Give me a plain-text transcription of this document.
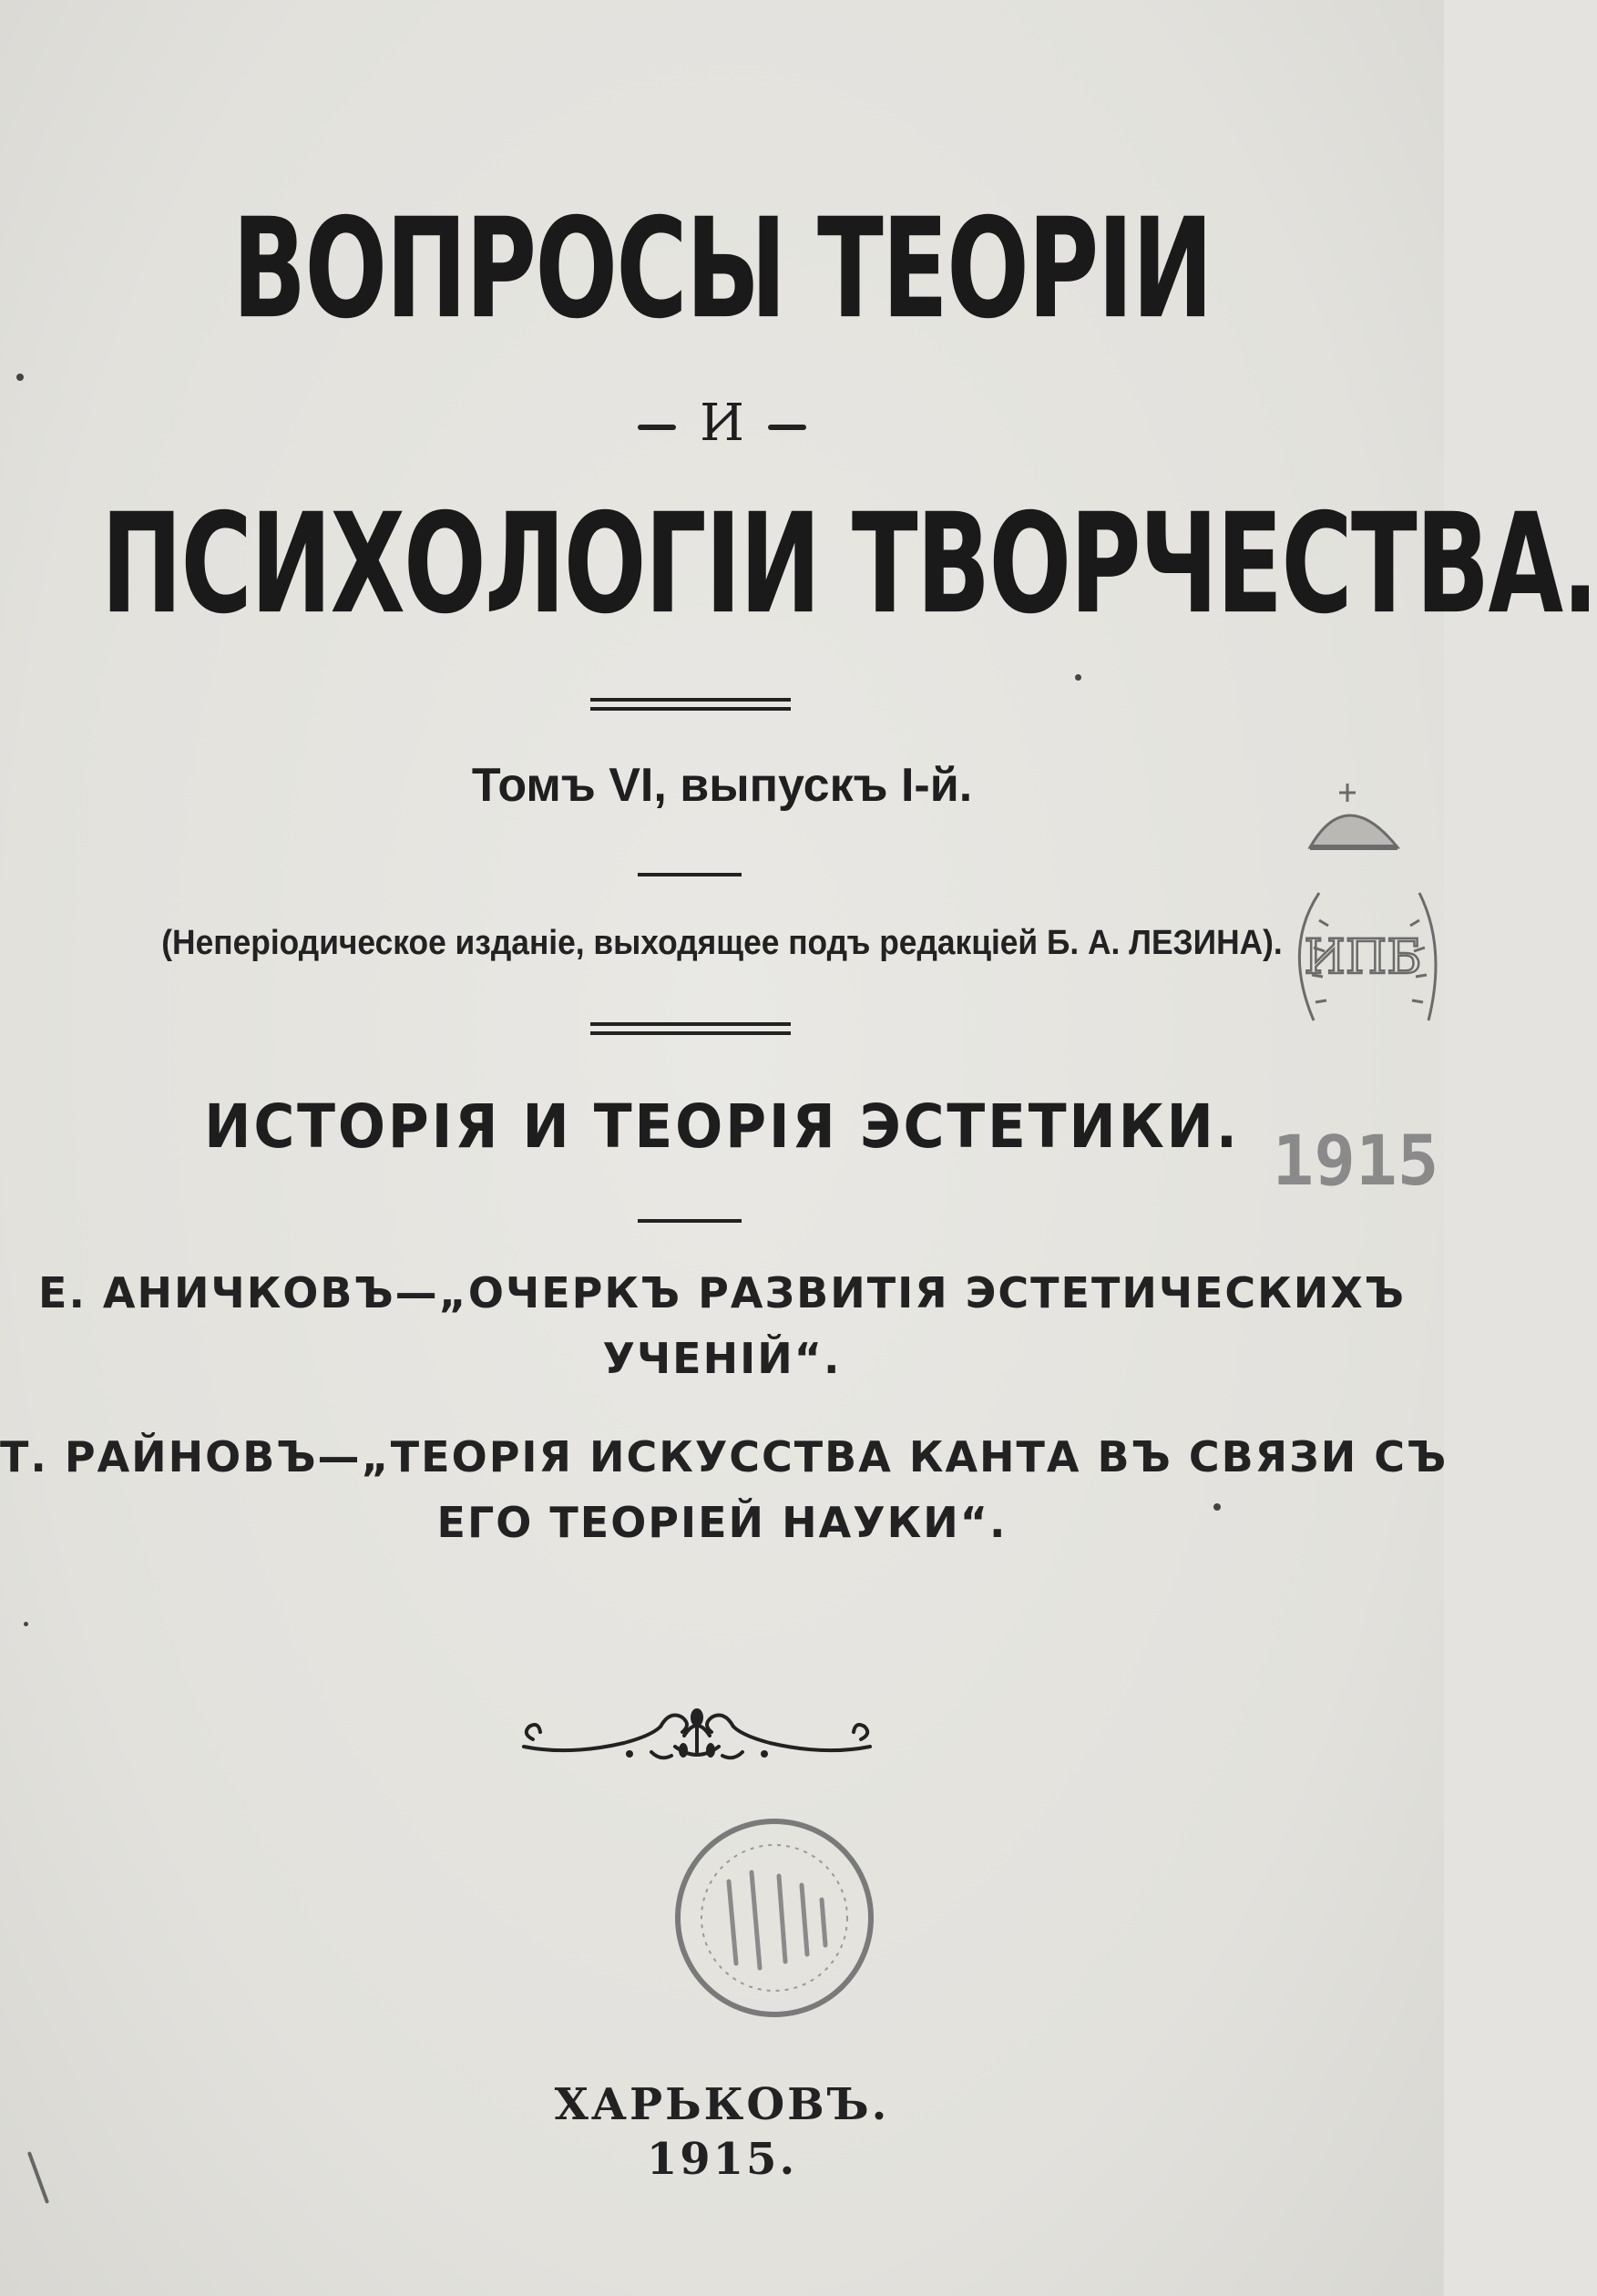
ВОПРОСЫ ТЕОРІИ
И
ПСИХОЛОГІИ ТВОРЧЕСТВА.
Томъ VI, выпускъ I-й.
(Непеpiодическое изданiе, выходящее подъ редакцiей Б. А. ЛЕЗИНА).
ИСТОРІЯ И ТЕОРІЯ ЭСТЕТИКИ.
Е. АНИЧКОВЪ—„ОЧЕРКЪ РАЗВИТІЯ ЭСТЕТИЧЕСКИХЪ
УЧЕНІЙ“.
Т. РАЙНОВЪ—„ТЕОРІЯ ИСКУССТВА КАНТА ВЪ СВЯЗИ СЪ
ЕГО ТЕОРІЕЙ НАУКИ“.
ИПБ
1915
ХАРЬКОВЪ.
1915.
